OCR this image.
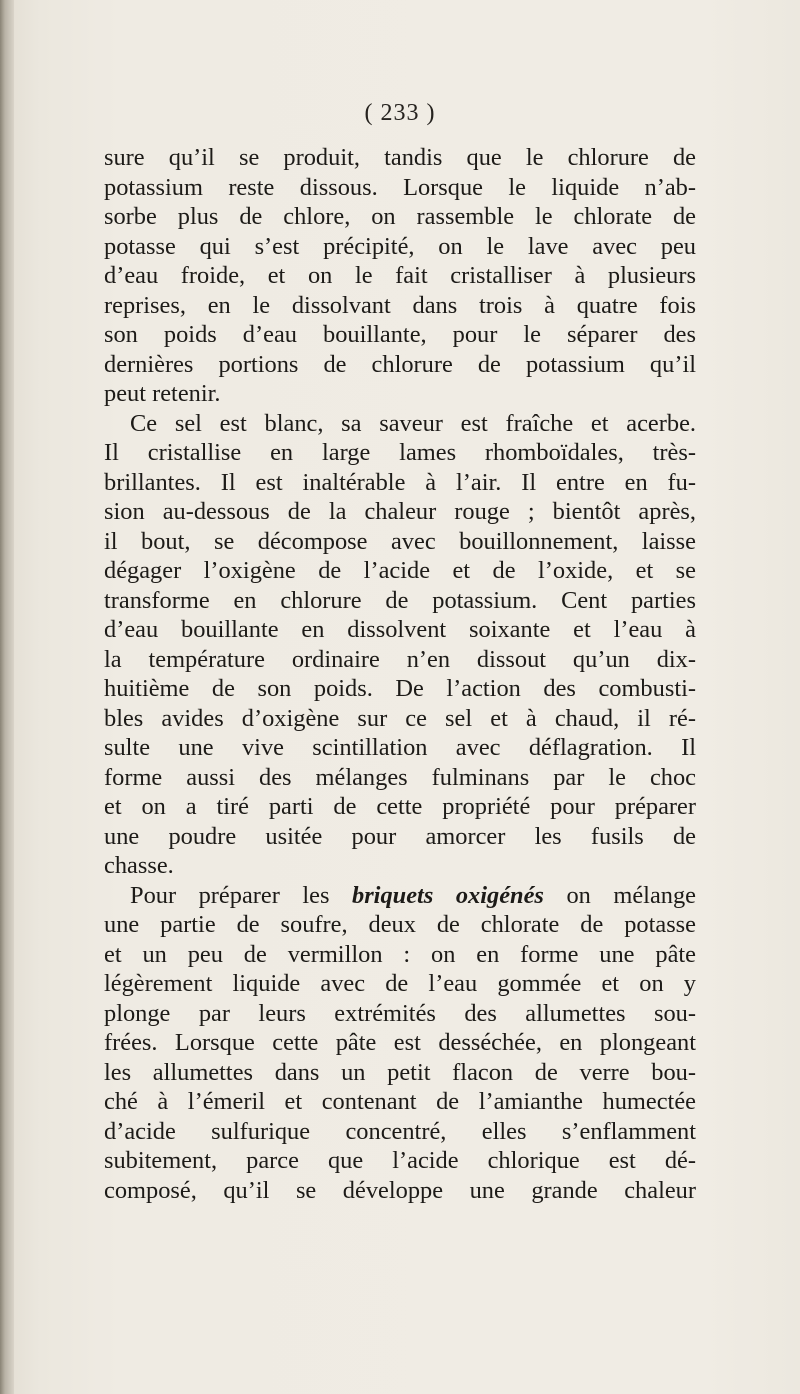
( 233 )
sure qu’il se produit, tandis que le chlorure de
potassium reste dissous. Lorsque le liquide n’ab-
sorbe plus de chlore, on rassemble le chlorate de
potasse qui s’est précipité, on le lave avec peu
d’eau froide, et on le fait cristalliser à plusieurs
reprises, en le dissolvant dans trois à quatre fois
son poids d’eau bouillante, pour le séparer des
dernières portions de chlorure de potassium qu’il
peut retenir.
Ce sel est blanc, sa saveur est fraîche et acerbe.
Il cristallise en large lames rhomboïdales, très-
brillantes. Il est inaltérable à l’air. Il entre en fu-
sion au-dessous de la chaleur rouge ; bientôt après,
il bout, se décompose avec bouillonnement, laisse
dégager l’oxigène de l’acide et de l’oxide, et se
transforme en chlorure de potassium. Cent parties
d’eau bouillante en dissolvent soixante et l’eau à
la température ordinaire n’en dissout qu’un dix-
huitième de son poids. De l’action des combusti-
bles avides d’oxigène sur ce sel et à chaud, il ré-
sulte une vive scintillation avec déflagration. Il
forme aussi des mélanges fulminans par le choc
et on a tiré parti de cette propriété pour préparer
une poudre usitée pour amorcer les fusils de
chasse.
Pour préparer les briquets oxigénés on mélange
une partie de soufre, deux de chlorate de potasse
et un peu de vermillon : on en forme une pâte
légèrement liquide avec de l’eau gommée et on y
plonge par leurs extrémités des allumettes sou-
frées. Lorsque cette pâte est desséchée, en plongeant
les allumettes dans un petit flacon de verre bou-
ché à l’émeril et contenant de l’amianthe humectée
d’acide sulfurique concentré, elles s’enflamment
subitement, parce que l’acide chlorique est dé-
composé, qu’il se développe une grande chaleur
